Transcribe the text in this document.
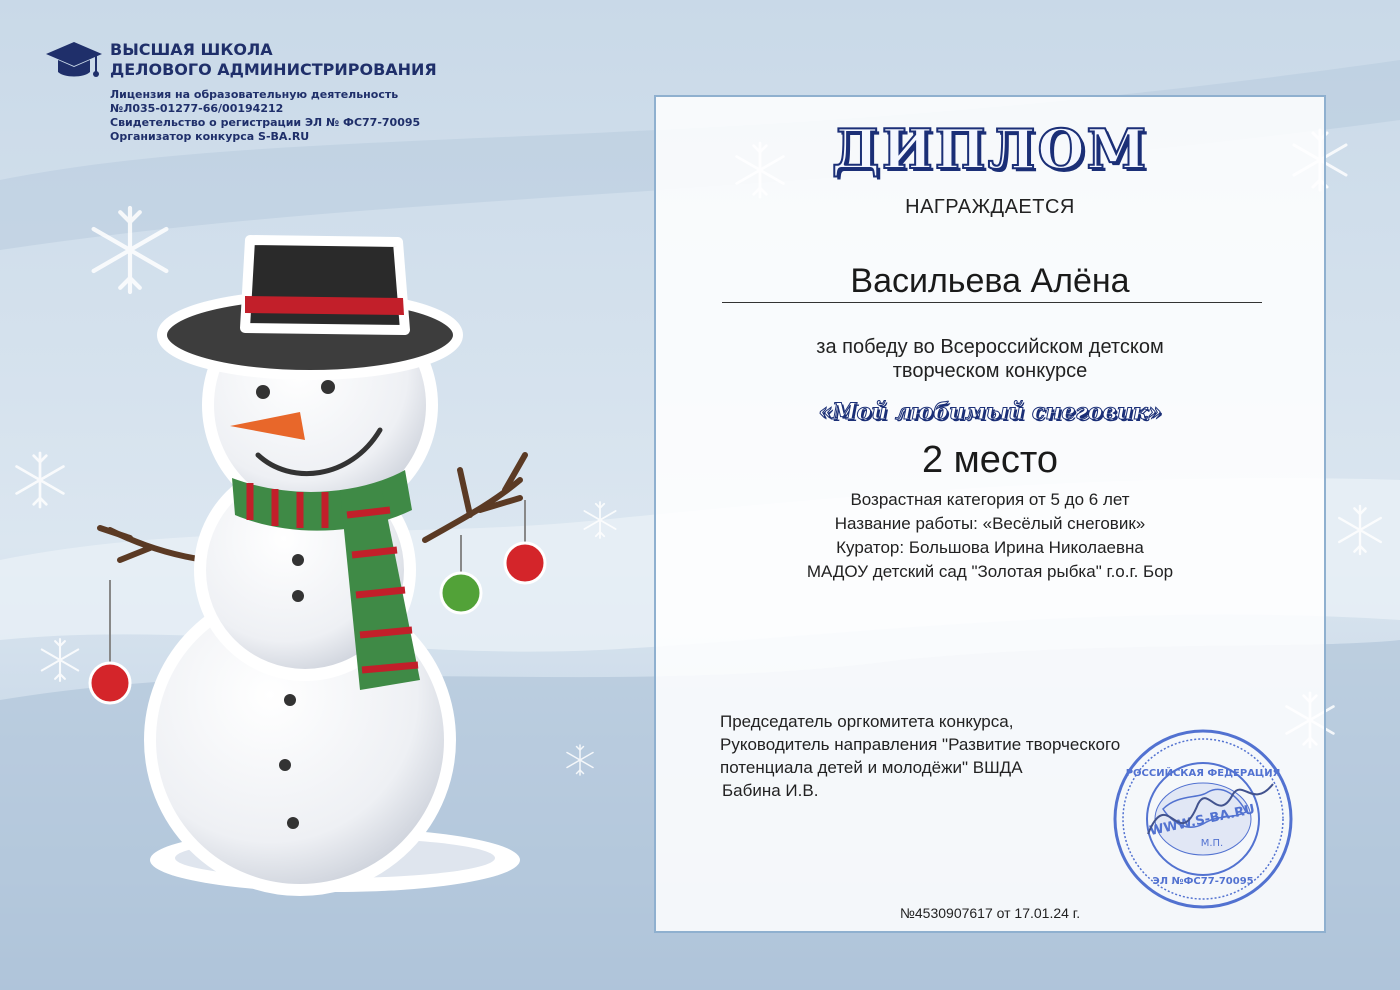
ВЫСШАЯ ШКОЛА
ДЕЛОВОГО АДМИНИСТРИРОВАНИЯ
Лицензия на образовательную деятельность
№Л035-01277-66/00194212
Свидетельство о регистрации ЭЛ № ФС77-70095
Организатор конкурса S-BA.RU	ДИПЛОМ
НАГРАЖДАЕТСЯ
Васильева Алёна
за победу во Всероссийском детском
творческом конкурсе
«Мой любимый снеговик»
2 место
Возрастная категория от 5 до 6 лет
Название работы: «Весёлый снеговик»
Куратор: Большова Ирина Николаевна
МАДОУ детский сад "Золотая рыбка" г.о.г. Бор
Председатель оргкомитета конкурса,
Руководитель направления "Развитие творческого
потенциала детей и молодёжи" ВШДА
Бабина И.В.
№4530907617 от 17.01.24 г.
РОССИЙСКАЯ ФЕДЕРАЦИЯ
WWW.S-BA.RU
М.П.
ЭЛ №ФС77-70095
